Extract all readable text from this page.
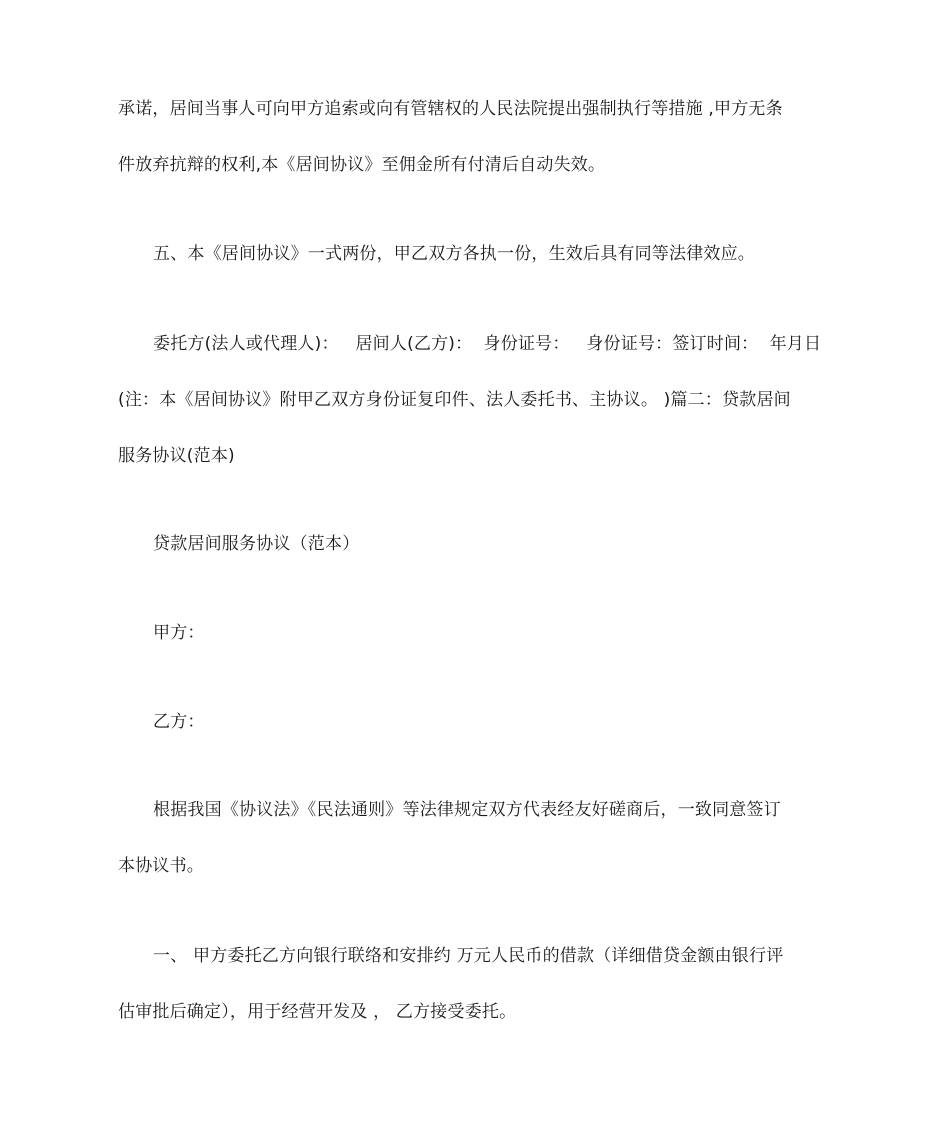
承诺，居间当事人可向甲方追索或向有管辖权的人民法院提出强制执行等措施 ,甲方无条
件放弃抗辩的权利,本《居间协议》至佣金所有付清后自动失效。

五、本《居间协议》一式两份，甲乙双方各执一份，生效后具有同等法律效应。

委托方(法人或代理人)：   居间人(乙方)：  身份证号：   身份证号：签订时间：  年月日
(注：本《居间协议》附甲乙双方身份证复印件、法人委托书、主协议。 )篇二：贷款居间
服务协议(范本)

贷款居间服务协议（范本）

甲方：

乙方：

根据我国《协议法》《民法通则》等法律规定双方代表经友好磋商后，一致同意签订
本协议书。

一、 甲方委托乙方向银行联络和安排约 万元人民币的借款（详细借贷金额由银行评
估审批后确定），用于经营开发及 ， 乙方接受委托。
